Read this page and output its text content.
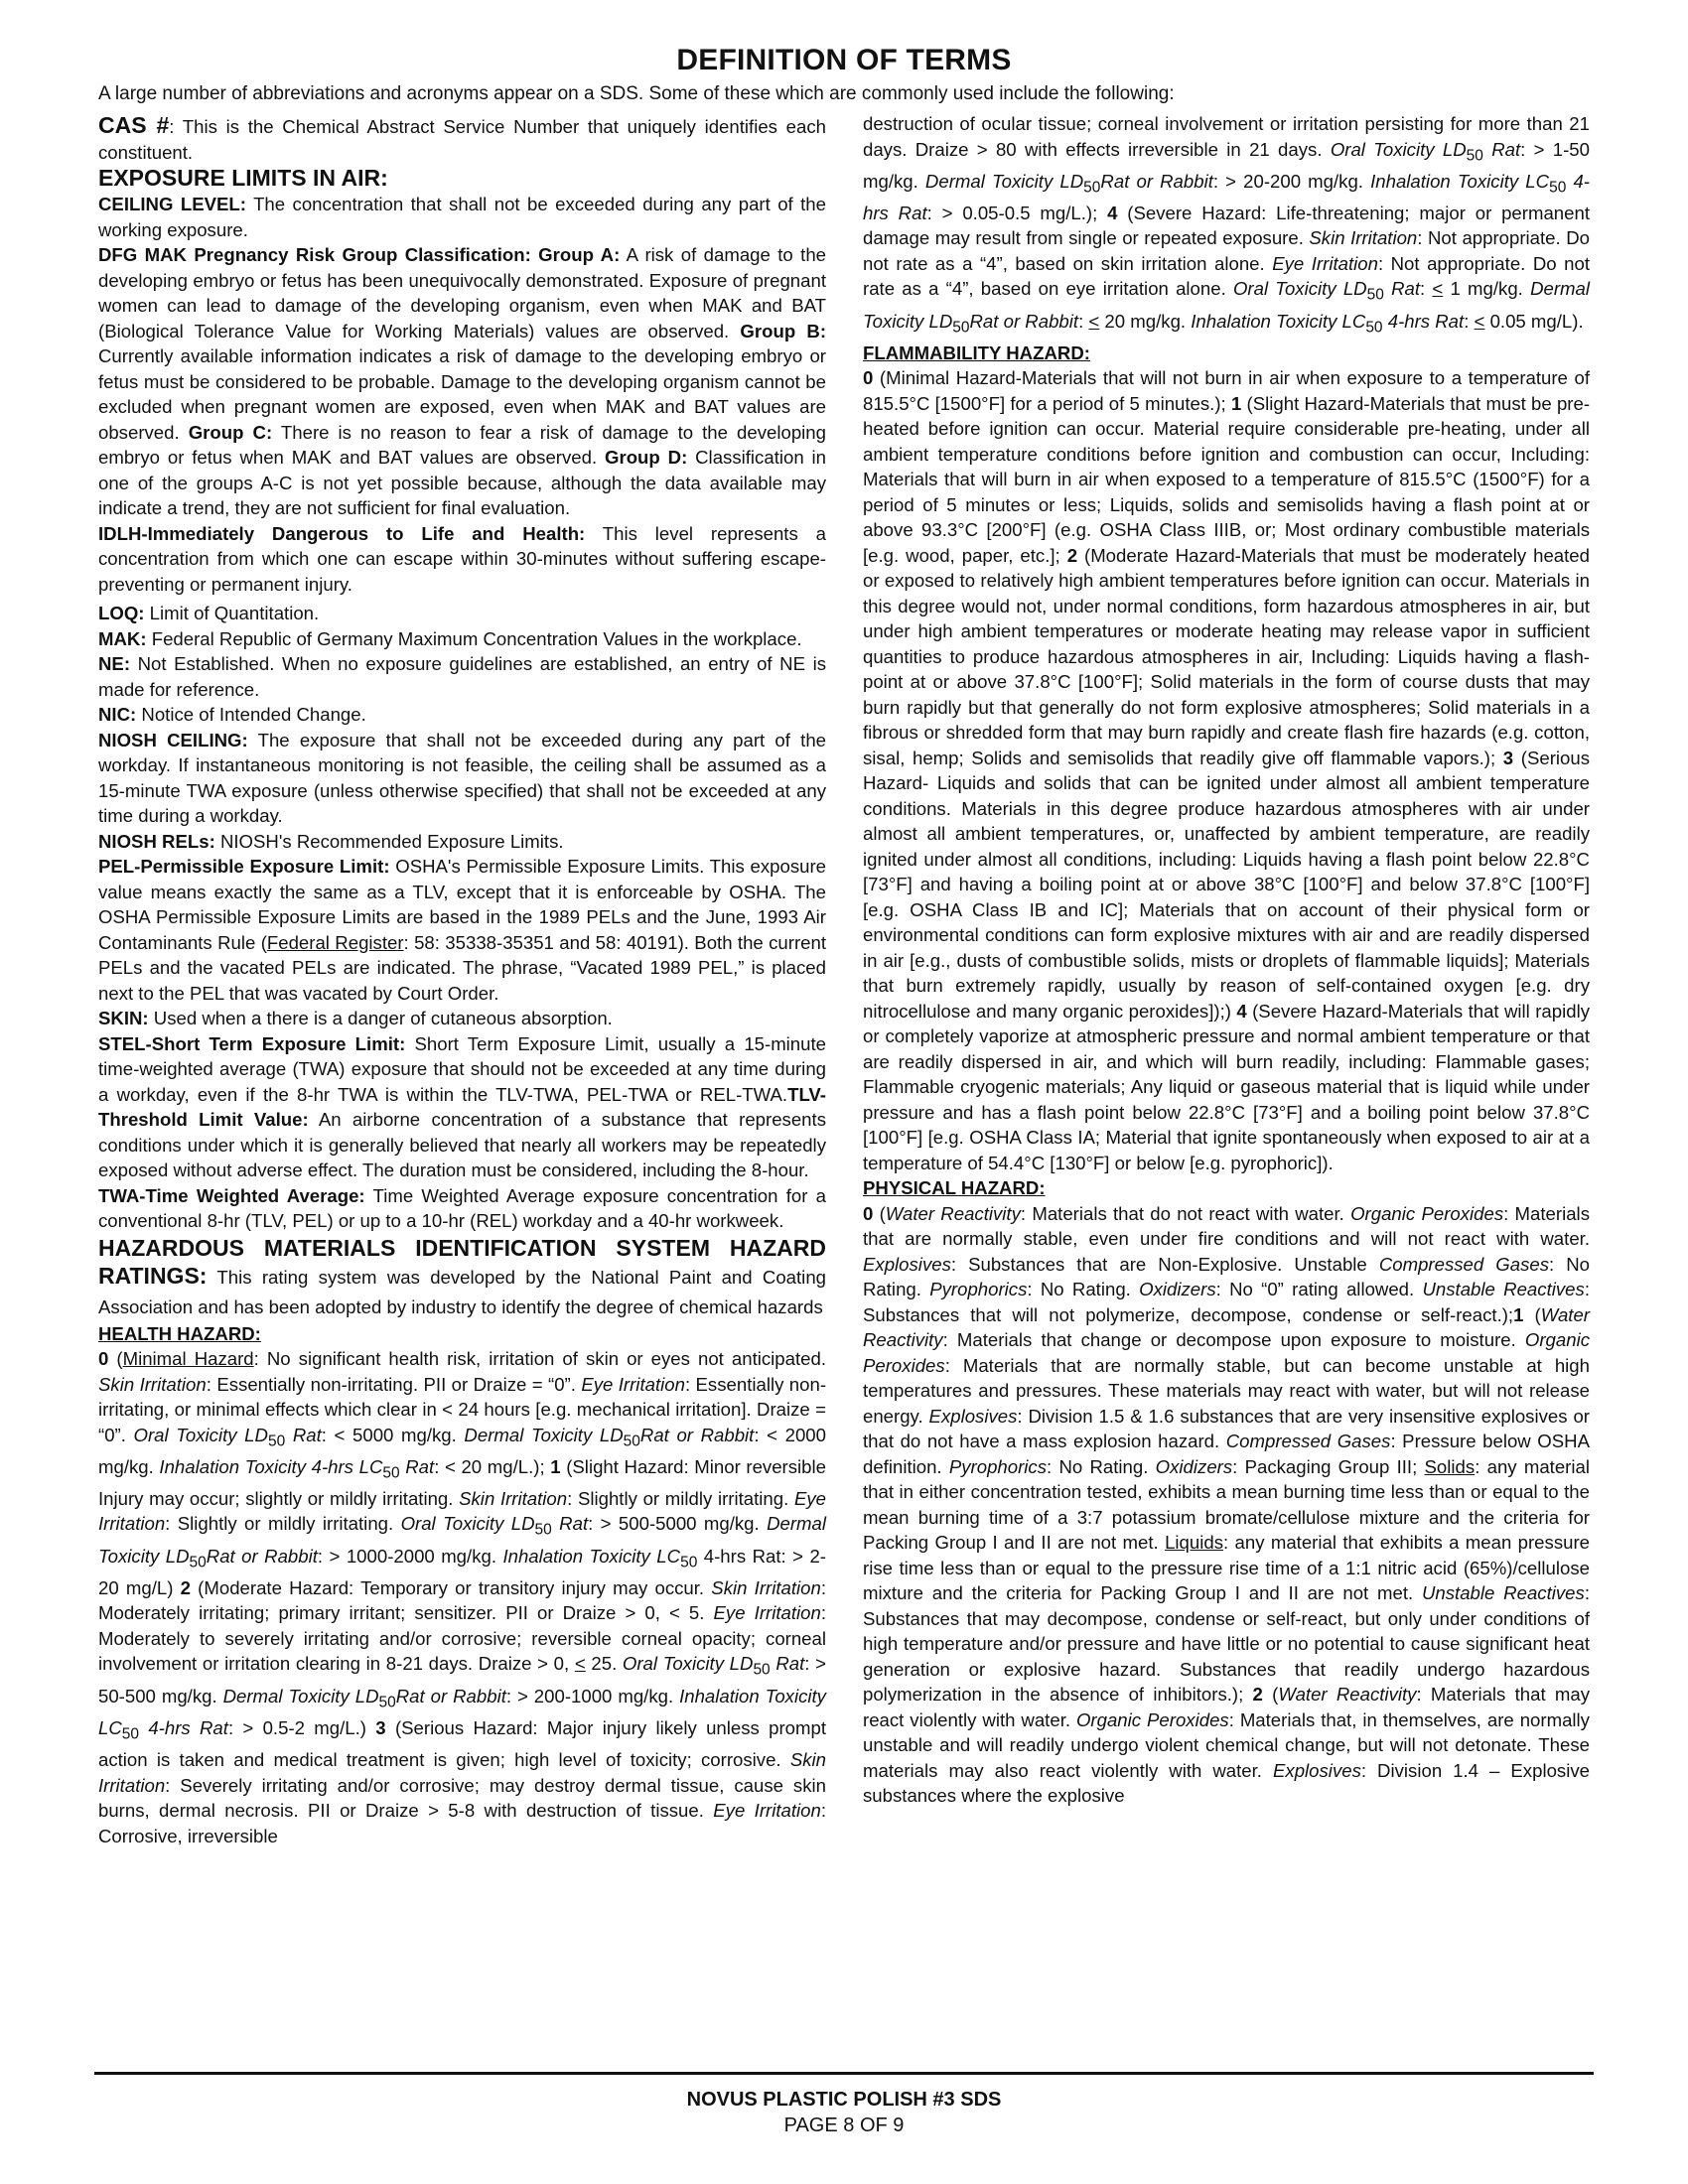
DEFINITION OF TERMS
A large number of abbreviations and acronyms appear on a SDS. Some of these which are commonly used include the following:

CAS #: This is the Chemical Abstract Service Number that uniquely identifies each constituent.

EXPOSURE LIMITS IN AIR:

CEILING LEVEL: The concentration that shall not be exceeded during any part of the working exposure.

DFG MAK Pregnancy Risk Group Classification: Group A: A risk of damage to the developing embryo or fetus has been unequivocally demonstrated. Exposure of pregnant women can lead to damage of the developing organism, even when MAK and BAT (Biological Tolerance Value for Working Materials) values are observed. Group B: Currently available information indicates a risk of damage to the developing embryo or fetus must be considered to be probable. Damage to the developing organism cannot be excluded when pregnant women are exposed, even when MAK and BAT values are observed. Group C: There is no reason to fear a risk of damage to the developing embryo or fetus when MAK and BAT values are observed. Group D: Classification in one of the groups A-C is not yet possible because, although the data available may indicate a trend, they are not sufficient for final evaluation.

IDLH-Immediately Dangerous to Life and Health: This level represents a concentration from which one can escape within 30-minutes without suffering escape-preventing or permanent injury.

LOQ: Limit of Quantitation.

MAK: Federal Republic of Germany Maximum Concentration Values in the workplace.

NE: Not Established. When no exposure guidelines are established, an entry of NE is made for reference.

NIC: Notice of Intended Change.

NIOSH CEILING: The exposure that shall not be exceeded during any part of the workday. If instantaneous monitoring is not feasible, the ceiling shall be assumed as a 15-minute TWA exposure (unless otherwise specified) that shall not be exceeded at any time during a workday.

NIOSH RELs: NIOSH's Recommended Exposure Limits.

PEL-Permissible Exposure Limit: OSHA's Permissible Exposure Limits. This exposure value means exactly the same as a TLV, except that it is enforceable by OSHA. The OSHA Permissible Exposure Limits are based in the 1989 PELs and the June, 1993 Air Contaminants Rule (Federal Register: 58: 35338-35351 and 58: 40191). Both the current PELs and the vacated PELs are indicated. The phrase, “Vacated 1989 PEL,” is placed next to the PEL that was vacated by Court Order.

SKIN: Used when a there is a danger of cutaneous absorption.

STEL-Short Term Exposure Limit: Short Term Exposure Limit, usually a 15-minute time-weighted average (TWA) exposure that should not be exceeded at any time during a workday, even if the 8-hr TWA is within the TLV-TWA, PEL-TWA or REL-TWA.TLV-Threshold Limit Value: An airborne concentration of a substance that represents conditions under which it is generally believed that nearly all workers may be repeatedly exposed without adverse effect. The duration must be considered, including the 8-hour.

TWA-Time Weighted Average: Time Weighted Average exposure concentration for a conventional 8-hr (TLV, PEL) or up to a 10-hr (REL) workday and a 40-hr workweek.

HAZARDOUS MATERIALS IDENTIFICATION SYSTEM HAZARD RATINGS: This rating system was developed by the National Paint and Coating Association and has been adopted by industry to identify the degree of chemical hazards

HEALTH HAZARD:

0 (Minimal Hazard: No significant health risk, irritation of skin or eyes not anticipated. Skin Irritation: Essentially non-irritating. PII or Draize = “0”. Eye Irritation: Essentially non-irritating, or minimal effects which clear in < 24 hours [e.g. mechanical irritation]. Draize = “0”. Oral Toxicity $LD_{50}$ Rat: < 5000 mg/kg. Dermal Toxicity $LD_{50}Rat$ or Rabbit: < 2000 mg/kg. Inhalation Toxicity 4-hrs $LC_{50}$ Rat: < 20 mg/L.); 1 (Slight Hazard: Minor reversible Injury may occur; slightly or mildly irritating. Skin Irritation: Slightly or mildly irritating. Eye Irritation: Slightly or mildly irritating. Oral Toxicity $LD_{50}$ Rat: > 500-5000 mg/kg. Dermal Toxicity $LD_{50}Rat$ or Rabbit: > 1000-2000 mg/kg. Inhalation Toxicity $LC_{50}$ 4-hrs Rat: > 2-20 mg/L) 2 (Moderate Hazard: Temporary or transitory injury may occur. Skin Irritation: Moderately irritating; primary irritant; sensitizer. PII or Draize > 0, < 5. Eye Irritation: Moderately to severely irritating and/or corrosive; reversible corneal opacity; corneal involvement or irritation clearing in 8-21 days. Draize > 0, < 25. Oral Toxicity $LD_{50}$ Rat: > 50-500 mg/kg. Dermal Toxicity $LD_{50}Rat$ or Rabbit: > 200-1000 mg/kg. Inhalation Toxicity $LC_{50}$ 4-hrs Rat: > 0.5-2 mg/L.) 3 (Serious Hazard: Major injury likely unless prompt action is taken and medical treatment is given; high level of toxicity; corrosive. Skin Irritation: Severely irritating and/or corrosive; may destroy dermal tissue, cause skin burns, dermal necrosis. PII or Draize > 5-8 with destruction of tissue. Eye Irritation: Corrosive, irreversible

destruction of ocular tissue; corneal involvement or irritation persisting for more than 21 days. Draize > 80 with effects irreversible in 21 days. Oral Toxicity $LD_{50}$ Rat: > 1-50 mg/kg. Dermal Toxicity $LD_{50}Rat$ or Rabbit: > 20-200 mg/kg. Inhalation Toxicity $LC_{50}$ 4-hrs Rat: > 0.05-0.5 mg/L.); 4 (Severe Hazard: Life-threatening; major or permanent damage may result from single or repeated exposure. Skin Irritation: Not appropriate. Do not rate as a “4”, based on skin irritation alone. Eye Irritation: Not appropriate. Do not rate as a “4”, based on eye irritation alone. Oral Toxicity $LD_{50}$ Rat: < 1 mg/kg. Dermal Toxicity $LD_{50}Rat$ or Rabbit: < 20 mg/kg. Inhalation Toxicity $LC_{50}$ 4-hrs Rat: < 0.05 mg/L).

FLAMMABILITY HAZARD:

0 (Minimal Hazard-Materials that will not burn in air when exposure to a temperature of 815.5°C [1500°F] for a period of 5 minutes.); 1 (Slight Hazard-Materials that must be pre-heated before ignition can occur. Material require considerable pre-heating, under all ambient temperature conditions before ignition and combustion can occur, Including: Materials that will burn in air when exposed to a temperature of 815.5°C (1500°F) for a period of 5 minutes or less; Liquids, solids and semisolids having a flash point at or above 93.3°C [200°F] (e.g. OSHA Class IIIB, or; Most ordinary combustible materials [e.g. wood, paper, etc.]; 2 (Moderate Hazard-Materials that must be moderately heated or exposed to relatively high ambient temperatures before ignition can occur. Materials in this degree would not, under normal conditions, form hazardous atmospheres in air, but under high ambient temperatures or moderate heating may release vapor in sufficient quantities to produce hazardous atmospheres in air, Including: Liquids having a flash-point at or above 37.8°C [100°F]; Solid materials in the form of course dusts that may burn rapidly but that generally do not form explosive atmospheres; Solid materials in a fibrous or shredded form that may burn rapidly and create flash fire hazards (e.g. cotton, sisal, hemp; Solids and semisolids that readily give off flammable vapors.); 3 (Serious Hazard- Liquids and solids that can be ignited under almost all ambient temperature conditions. Materials in this degree produce hazardous atmospheres with air under almost all ambient temperatures, or, unaffected by ambient temperature, are readily ignited under almost all conditions, including: Liquids having a flash point below 22.8°C [73°F] and having a boiling point at or above 38°C [100°F] and below 37.8°C [100°F] [e.g. OSHA Class IB and IC]; Materials that on account of their physical form or environmental conditions can form explosive mixtures with air and are readily dispersed in air [e.g., dusts of combustible solids, mists or droplets of flammable liquids]; Materials that burn extremely rapidly, usually by reason of self-contained oxygen [e.g. dry nitrocellulose and many organic peroxides]);) 4 (Severe Hazard-Materials that will rapidly or completely vaporize at atmospheric pressure and normal ambient temperature or that are readily dispersed in air, and which will burn readily, including: Flammable gases; Flammable cryogenic materials; Any liquid or gaseous material that is liquid while under pressure and has a flash point below 22.8°C [73°F] and a boiling point below 37.8°C [100°F] [e.g. OSHA Class IA; Material that ignite spontaneously when exposed to air at a temperature of 54.4°C [130°F] or below [e.g. pyrophoric]).

PHYSICAL HAZARD:

0 (Water Reactivity: Materials that do not react with water. Organic Peroxides: Materials that are normally stable, even under fire conditions and will not react with water. Explosives: Substances that are Non-Explosive. Unstable Compressed Gases: No Rating. Pyrophorics: No Rating. Oxidizers: No “0” rating allowed. Unstable Reactives: Substances that will not polymerize, decompose, condense or self-react.);1 (Water Reactivity: Materials that change or decompose upon exposure to moisture. Organic Peroxides: Materials that are normally stable, but can become unstable at high temperatures and pressures. These materials may react with water, but will not release energy. Explosives: Division 1.5 & 1.6 substances that are very insensitive explosives or that do not have a mass explosion hazard. Compressed Gases: Pressure below OSHA definition. Pyrophorics: No Rating. Oxidizers: Packaging Group III; Solids: any material that in either concentration tested, exhibits a mean burning time less than or equal to the mean burning time of a 3:7 potassium bromate/cellulose mixture and the criteria for Packing Group I and II are not met. Liquids: any material that exhibits a mean pressure rise time less than or equal to the pressure rise time of a 1:1 nitric acid (65%)/cellulose mixture and the criteria for Packing Group I and II are not met. Unstable Reactives: Substances that may decompose, condense or self-react, but only under conditions of high temperature and/or pressure and have little or no potential to cause significant heat generation or explosive hazard. Substances that readily undergo hazardous polymerization in the absence of inhibitors.); 2 (Water Reactivity: Materials that may react violently with water. Organic Peroxides: Materials that, in themselves, are normally unstable and will readily undergo violent chemical change, but will not detonate. These materials may also react violently with water. Explosives: Division 1.4 – Explosive substances where the explosive

NOVUS PLASTIC POLISH #3 SDS
PAGE 8 OF 9
